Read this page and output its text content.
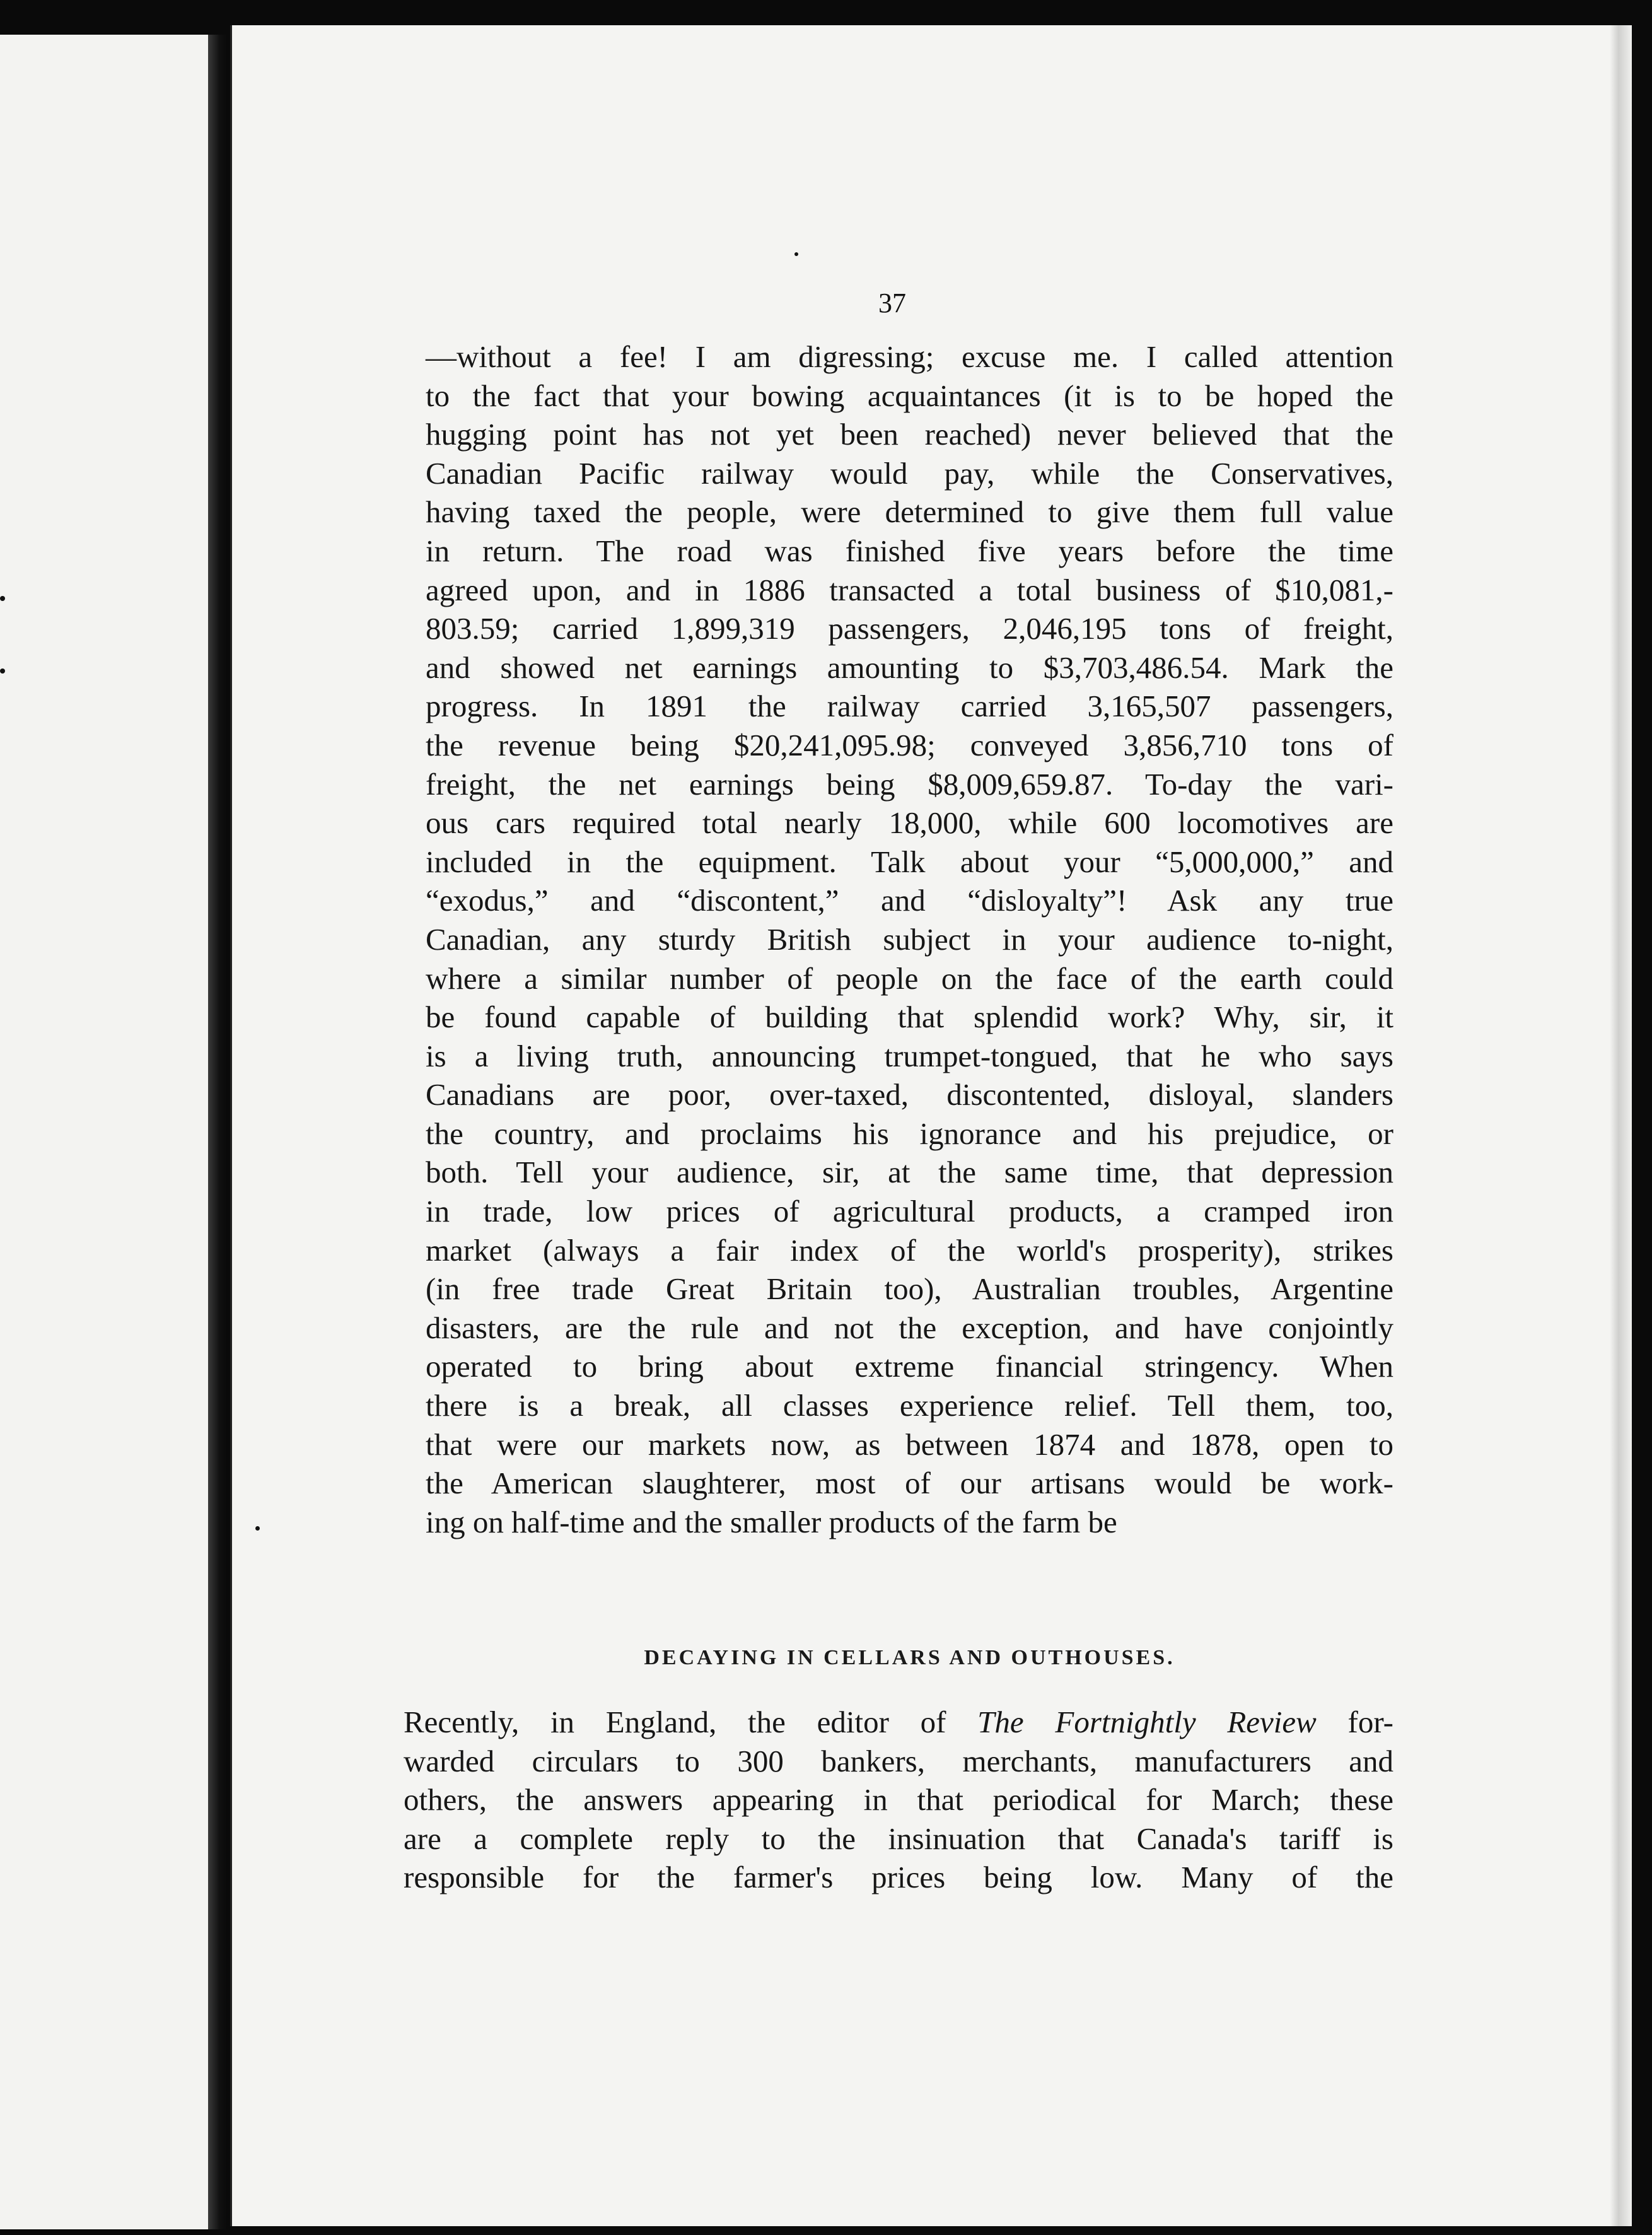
37
—without a fee! I am digressing; excuse me. I called attention
to the fact that your bowing acquaintances (it is to be hoped the
hugging point has not yet been reached) never believed that the
Canadian Pacific railway would pay, while the Conservatives,
having taxed the people, were determined to give them full value
in return. The road was finished five years before the time
agreed upon, and in 1886 transacted a total business of $10,081,-
803.59; carried 1,899,319 passengers, 2,046,195 tons of freight,
and showed net earnings amounting to $3,703,486.54. Mark the
progress. In 1891 the railway carried 3,165,507 passengers,
the revenue being $20,241,095.98; conveyed 3,856,710 tons of
freight, the net earnings being $8,009,659.87. To-day the vari-
ous cars required total nearly 18,000, while 600 locomotives are
included in the equipment. Talk about your “5,000,000,” and
“exodus,” and “discontent,” and “disloyalty”! Ask any true
Canadian, any sturdy British subject in your audience to-night,
where a similar number of people on the face of the earth could
be found capable of building that splendid work? Why, sir, it
is a living truth, announcing trumpet-tongued, that he who says
Canadians are poor, over-taxed, discontented, disloyal, slanders
the country, and proclaims his ignorance and his prejudice, or
both. Tell your audience, sir, at the same time, that depression
in trade, low prices of agricultural products, a cramped iron
market (always a fair index of the world's prosperity), strikes
(in free trade Great Britain too), Australian troubles, Argentine
disasters, are the rule and not the exception, and have conjointly
operated to bring about extreme financial stringency. When
there is a break, all classes experience relief. Tell them, too,
that were our markets now, as between 1874 and 1878, open to
the American slaughterer, most of our artisans would be work-
ing on half-time and the smaller products of the farm be
DECAYING IN CELLARS AND OUTHOUSES.
Recently, in England, the editor of The Fortnightly Review for-
warded circulars to 300 bankers, merchants, manufacturers and
others, the answers appearing in that periodical for March; these
are a complete reply to the insinuation that Canada's tariff is
responsible for the farmer's prices being low. Many of the
